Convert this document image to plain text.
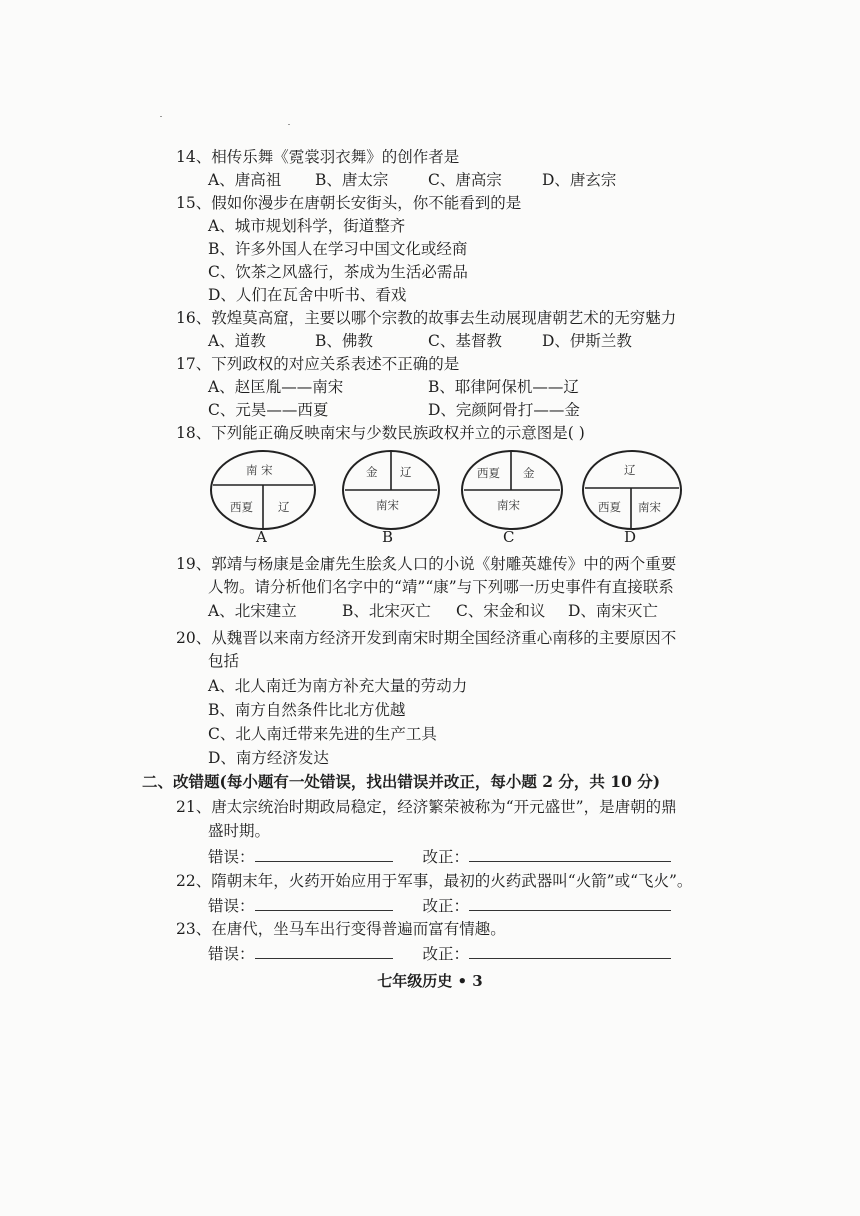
14、相传乐舞《霓裳羽衣舞》的创作者是
A、唐高祖 B、唐太宗	C、唐高宗	D、唐玄宗
15、假如你漫步在唐朝长安街头，你不能看到的是
A、城市规划科学，街道整齐
B、许多外国人在学习中国文化或经商
C、饮茶之风盛行，茶成为生活必需品
D、人们在瓦舍中听书、看戏
16、敦煌莫高窟，主要以哪个宗教的故事去生动展现唐朝艺术的无穷魅力
A、道教	B、佛教	C、基督教	D、伊斯兰教
17、下列政权的对应关系表述不正确的是
A、赵匡胤——南宋	B、耶律阿保机——辽
C、元昊——西夏	D、完颜阿骨打——金
18、下列能正确反映南宋与少数民族政权并立的示意图是( )
南 宋
西夏 辽
A
金 辽
南宋
B
西夏 金
南宋
C
辽
西夏 南宋
D
19、郭靖与杨康是金庸先生脍炙人口的小说《射雕英雄传》中的两个重要
人物。请分析他们名字中的“靖”“康”与下列哪一历史事件有直接联系
A、北宋建立	B、北宋灭亡 C、宋金和议 D、南宋灭亡
20、从魏晋以来南方经济开发到南宋时期全国经济重心南移的主要原因不
包括
A、北人南迁为南方补充大量的劳动力
B、南方自然条件比北方优越
C、北人南迁带来先进的生产工具
D、南方经济发达
二、改错题(每小题有一处错误，找出错误并改正，每小题 2 分，共 10 分)
21、唐太宗统治时期政局稳定，经济繁荣被称为“开元盛世”，是唐朝的鼎
盛时期。
错误：	改正：
22、隋朝末年，火药开始应用于军事，最初的火药武器叫“火箭”或“飞火”。
错误：	改正：
23、在唐代，坐马车出行变得普遍而富有情趣。
错误：	改正：
七年级历史 • 3
